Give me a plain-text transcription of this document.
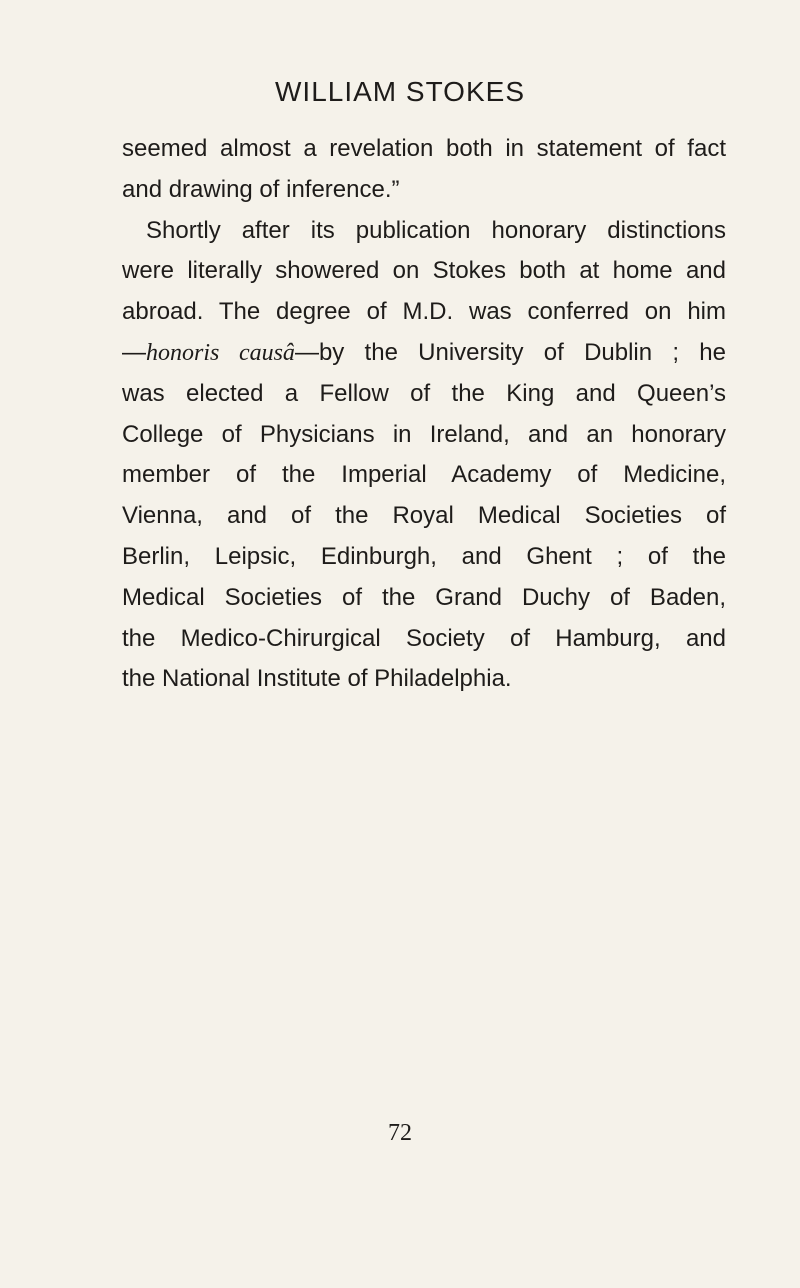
WILLIAM STOKES
seemed almost a revelation both in statement of fact
and drawing of inference.”
Shortly after its publication honorary distinctions
were literally showered on Stokes both at home and
abroad. The degree of M.D. was conferred on him
—honoris causâ—by the University of Dublin ; he
was elected a Fellow of the King and Queen’s
College of Physicians in Ireland, and an honorary
member of the Imperial Academy of Medicine,
Vienna, and of the Royal Medical Societies of
Berlin, Leipsic, Edinburgh, and Ghent ; of the
Medical Societies of the Grand Duchy of Baden,
the Medico-Chirurgical Society of Hamburg, and
the National Institute of Philadelphia.
72
